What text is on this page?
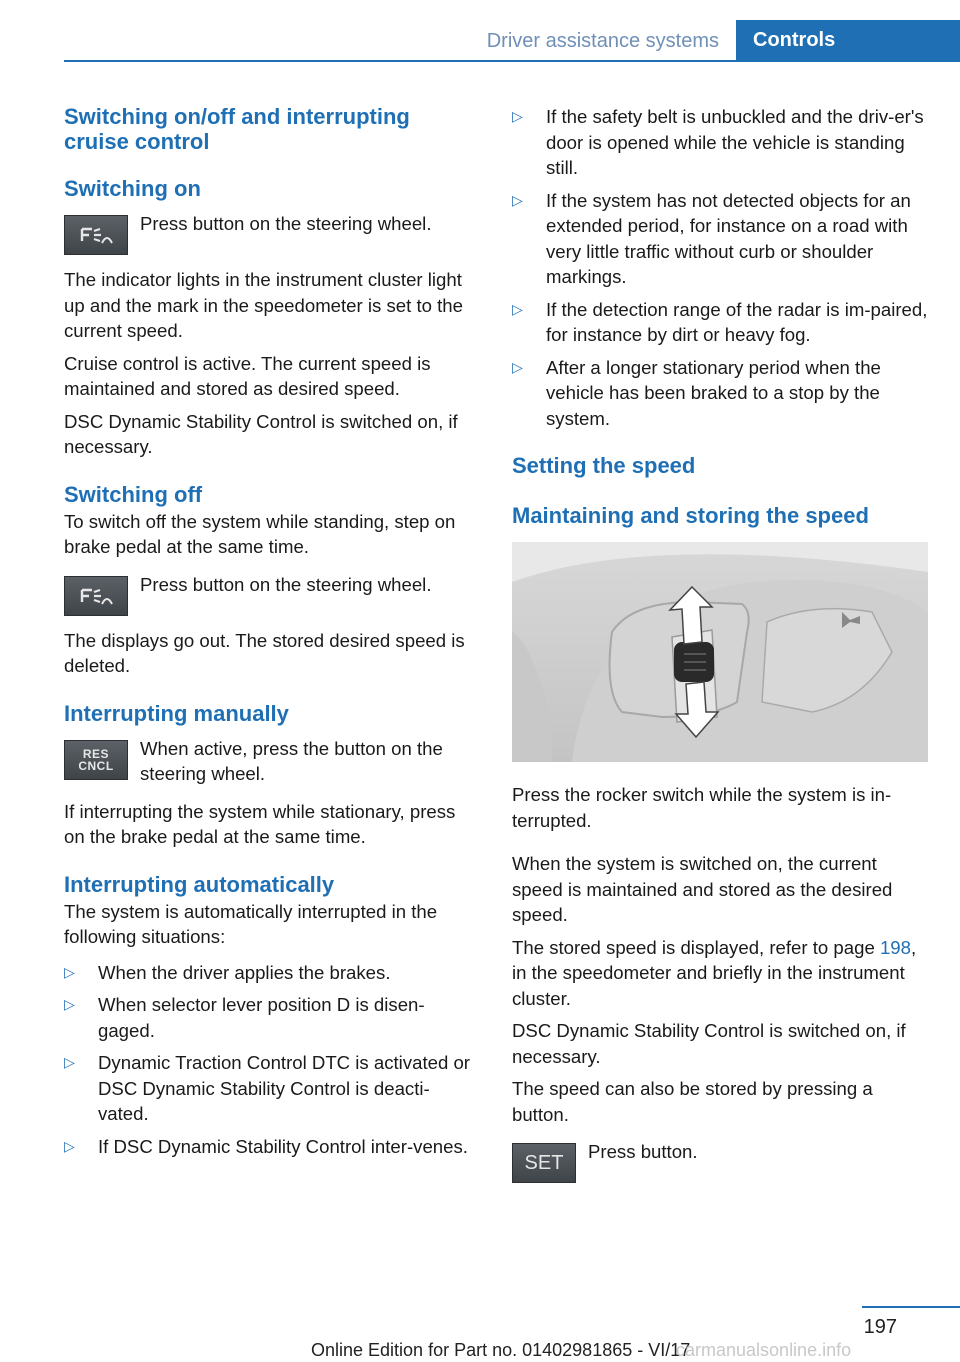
Driver assistance systems	Controls
Switching on/off and interrupting cruise control
Switching on
Press button on the steering wheel.

The indicator lights in the instrument cluster light up and the mark in the speedometer is set to the current speed.

Cruise control is active. The current speed is maintained and stored as desired speed.

DSC Dynamic Stability Control is switched on, if necessary.

Switching off

To switch off the system while standing, step on brake pedal at the same time.

Press button on the steering wheel.

The displays go out. The stored desired speed is deleted.

Interrupting manually
RES
CNCL
When active, press the button on the steering wheel.

If interrupting the system while stationary, press on the brake pedal at the same time.

Interrupting automatically

The system is automatically interrupted in the following situations:

▷ When the driver applies the brakes.
▷ When selector lever position D is disen-gaged.
▷ Dynamic Traction Control DTC is activated or DSC Dynamic Stability Control is deacti-vated.
▷ If DSC Dynamic Stability Control inter-venes.
▷ If the safety belt is unbuckled and the driv-er's door is opened while the vehicle is standing still.
▷ If the system has not detected objects for an extended period, for instance on a road with very little traffic without curb or shoulder markings.
▷ If the detection range of the radar is im-paired, for instance by dirt or heavy fog.
▷ After a longer stationary period when the vehicle has been braked to a stop by the system.
Setting the speed
Maintaining and storing the speed

Press the rocker switch while the system is in-terrupted.

When the system is switched on, the current speed is maintained and stored as the desired speed.

The stored speed is displayed, refer to page 198, in the speedometer and briefly in the instrument cluster.

DSC Dynamic Stability Control is switched on, if necessary.

The speed can also be stored by pressing a button.

SET
Press button.
197
Online Edition for Part no. 01402981865 - VI/17
carmanualsonline.info
